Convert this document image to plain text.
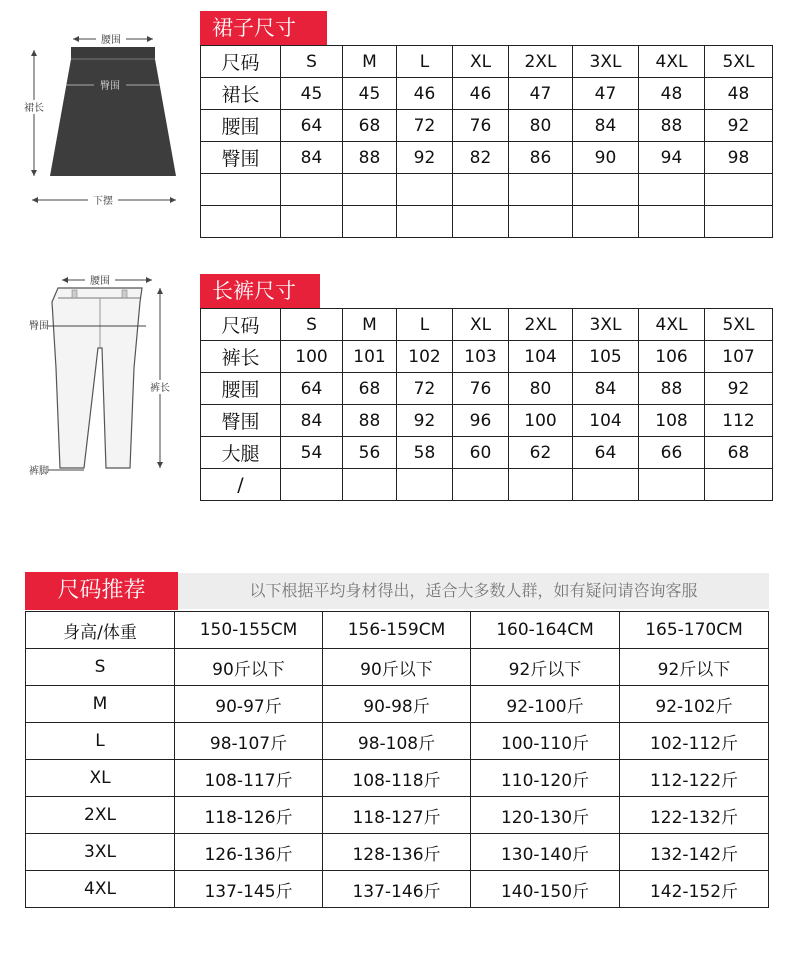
腰围
臀围
裙长
下摆
裙子尺寸
尺码	S	M	L	XL	2XL	3XL	4XL	5XL
裙长	45	45	46	46	47	47	48	48
腰围	64	68	72	76	80	84	88	92
臀围	84	88	92	82	86	90	94	98

腰围
臀围
裤长
裤脚
长裤尺寸
尺码	S	M	L	XL	2XL	3XL	4XL	5XL
裤长	100	101	102	103	104	105	106	107
腰围	64	68	72	76	80	84	88	92
臀围	84	88	92	96	100	104	108	112
大腿	54	56	58	60	62	64	66	68
/								
尺码推荐	以下根据平均身材得出，适合大多数人群，如有疑问请咨询客服
身高/体重	150-155CM	156-159CM	160-164CM	165-170CM
S	90斤以下	90斤以下	92斤以下	92斤以下
M	90-97斤	90-98斤	92-100斤	92-102斤
L	98-107斤	98-108斤	100-110斤	102-112斤
XL	108-117斤	108-118斤	110-120斤	112-122斤
2XL	118-126斤	118-127斤	120-130斤	122-132斤
3XL	126-136斤	128-136斤	130-140斤	132-142斤
4XL	137-145斤	137-146斤	140-150斤	142-152斤
